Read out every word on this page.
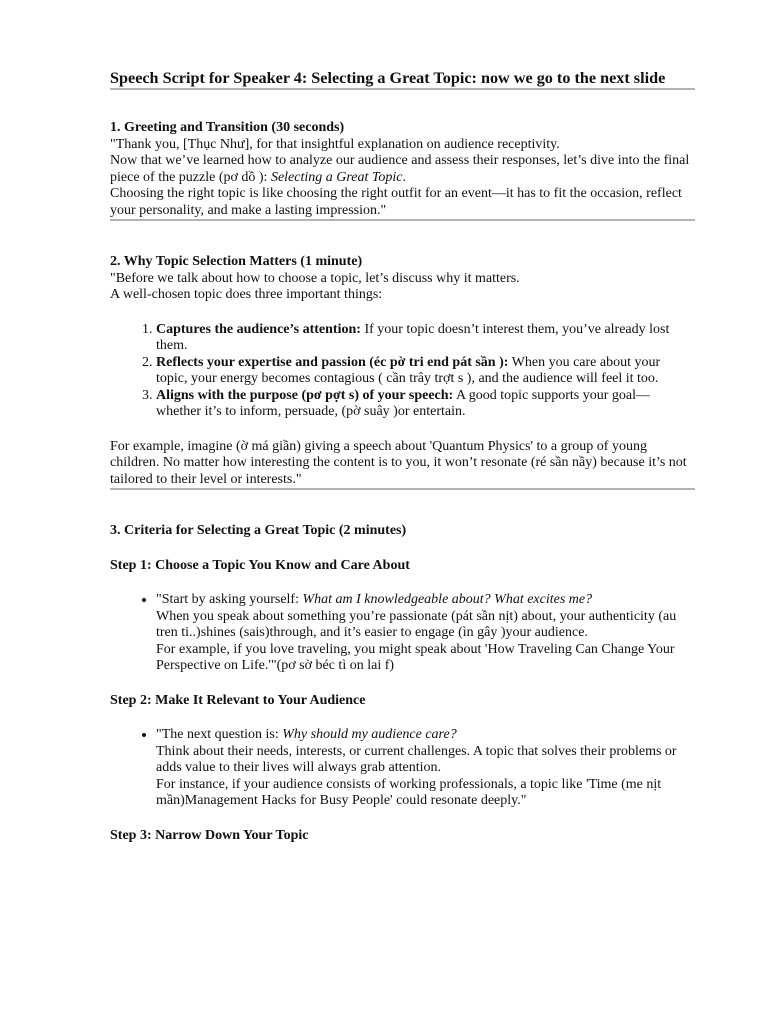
Speech Script for Speaker 4: Selecting a Great Topic: now we go to the next slide

1. Greeting and Transition (30 seconds)

"Thank you, [Thục Như], for that insightful explanation on audience receptivity.

Now that we’ve learned how to analyze our audience and assess their responses, let’s dive into the final piece of the puzzle (pơ dồ ): Selecting a Great Topic.

Choosing the right topic is like choosing the right outfit for an event—it has to fit the occasion, reflect your personality, and make a lasting impression."

2. Why Topic Selection Matters (1 minute)

"Before we talk about how to choose a topic, let’s discuss why it matters.

A well-chosen topic does three important things:

1. Captures the audience’s attention: If your topic doesn’t interest them, you’ve already lost them.
2. Reflects your expertise and passion (éc pờ tri end pát sần ): When you care about your topic, your energy becomes contagious ( cần trây trợt s ), and the audience will feel it too.
3. Aligns with the purpose (pơ pợt s) of your speech: A good topic supports your goal—whether it’s to inform, persuade, (pờ suây )or entertain.

For example, imagine (ờ má giần) giving a speech about 'Quantum Physics' to a group of young children. No matter how interesting the content is to you, it won’t resonate (ré sần nầy) because it’s not tailored to their level or interests."

3. Criteria for Selecting a Great Topic (2 minutes)

Step 1: Choose a Topic You Know and Care About

• "Start by asking yourself: What am I knowledgeable about? What excites me?
When you speak about something you’re passionate (pát sần nịt) about, your authenticity (au tren ti..)shines (sais)through, and it’s easier to engage (ìn gây )your audience.
For example, if you love traveling, you might speak about 'How Traveling Can Change Your Perspective on Life.'"(pơ sờ béc tì on lai f)

Step 2: Make It Relevant to Your Audience

• "The next question is: Why should my audience care?
Think about their needs, interests, or current challenges. A topic that solves their problems or adds value to their lives will always grab attention.
For instance, if your audience consists of working professionals, a topic like 'Time (me nịt mần)Management Hacks for Busy People' could resonate deeply."

Step 3: Narrow Down Your Topic
